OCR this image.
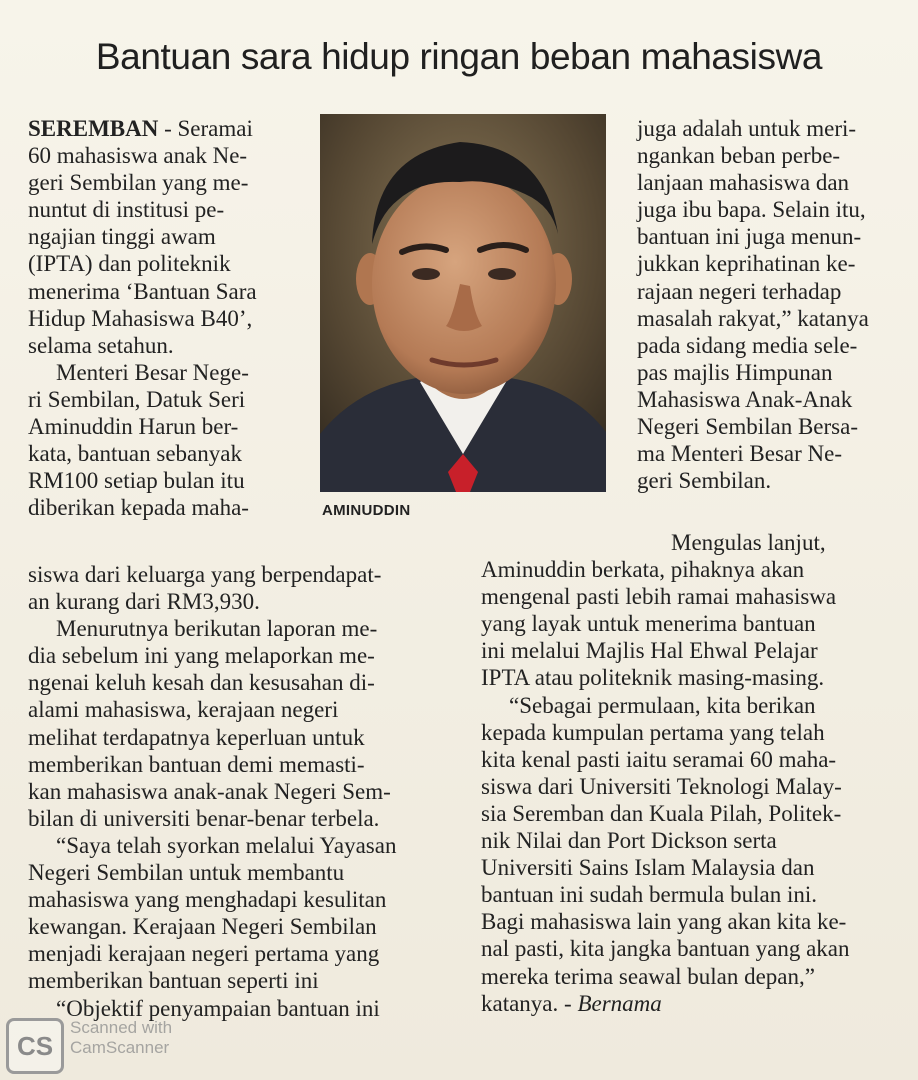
Bantuan sara hidup ringan beban mahasiswa
SEREMBAN - Seramai
60 mahasiswa anak Ne-
geri Sembilan yang me-
nuntut di institusi pe-
ngajian tinggi awam
(IPTA) dan politeknik
menerima ‘Bantuan Sara
Hidup Mahasiswa B40’,
selama setahun.
Menteri Besar Nege-
ri Sembilan, Datuk Seri
Aminuddin Harun ber-
kata, bantuan sebanyak
RM100 setiap bulan itu
diberikan kepada maha-	AMINUDDIN
siswa dari keluarga yang berpendapat-
an kurang dari RM3,930.
Menurutnya berikutan laporan me-
dia sebelum ini yang melaporkan me-
ngenai keluh kesah dan kesusahan di-
alami mahasiswa, kerajaan negeri
melihat terdapatnya keperluan untuk
memberikan bantuan demi memasti-
kan mahasiswa anak-anak Negeri Sem-
bilan di universiti benar-benar terbela.
“Saya telah syorkan melalui Yayasan
Negeri Sembilan untuk membantu
mahasiswa yang menghadapi kesulitan
kewangan. Kerajaan Negeri Sembilan
menjadi kerajaan negeri pertama yang
memberikan bantuan seperti ini
“Objektif penyampaian bantuan ini
juga adalah untuk meri-
ngankan beban perbe-
lanjaan mahasiswa dan
juga ibu bapa. Selain itu,
bantuan ini juga menun-
jukkan keprihatinan ke-
rajaan negeri terhadap
masalah rakyat,” katanya
pada sidang media sele-
pas majlis Himpunan
Mahasiswa Anak-Anak
Negeri Sembilan Bersa-
ma Menteri Besar Ne-
geri Sembilan.
Mengulas lanjut,
Aminuddin berkata, pihaknya akan
mengenal pasti lebih ramai mahasiswa
yang layak untuk menerima bantuan
ini melalui Majlis Hal Ehwal Pelajar
IPTA atau politeknik masing-masing.
“Sebagai permulaan, kita berikan
kepada kumpulan pertama yang telah
kita kenal pasti iaitu seramai 60 maha-
siswa dari Universiti Teknologi Malay-
sia Seremban dan Kuala Pilah, Politek-
nik Nilai dan Port Dickson serta
Universiti Sains Islam Malaysia dan
bantuan ini sudah bermula bulan ini.
Bagi mahasiswa lain yang akan kita ke-
nal pasti, kita jangka bantuan yang akan
mereka terima seawal bulan depan,”
katanya. - Bernama
CS
Scanned with
CamScanner
